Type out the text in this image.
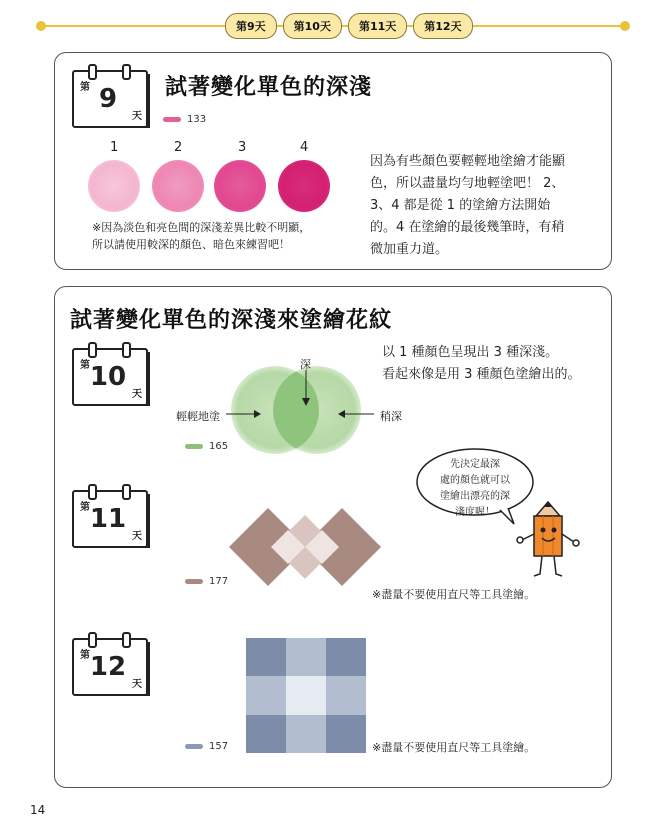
第9天	第10天	第11天	第12天
第 9
天
試著變化單色的深淺
133
1	2	3	4
※因為淡色和亮色間的深淺差異比較不明顯，
所以請使用較深的顏色、暗色來練習吧！
因為有些顏色要輕輕地塗繪才能顯
色，所以盡量均勻地輕塗吧！ 2、
3、4 都是從 1 的塗繪方法開始
的。4 在塗繪的最後幾筆時，有稍
微加重力道。
試著變化單色的深淺來塗繪花紋
第 10
天
深
輕輕地塗	稍深
以 1 種顏色呈現出 3 種深淺。
看起來像是用 3 種顏色塗繪出的。
165
第 11
天
177
※盡量不要使用直尺等工具塗繪。
先決定最深
處的顏色就可以
塗繪出漂亮的深
淺度喔！
第 12
天
157	※盡量不要使用直尺等工具塗繪。
14
